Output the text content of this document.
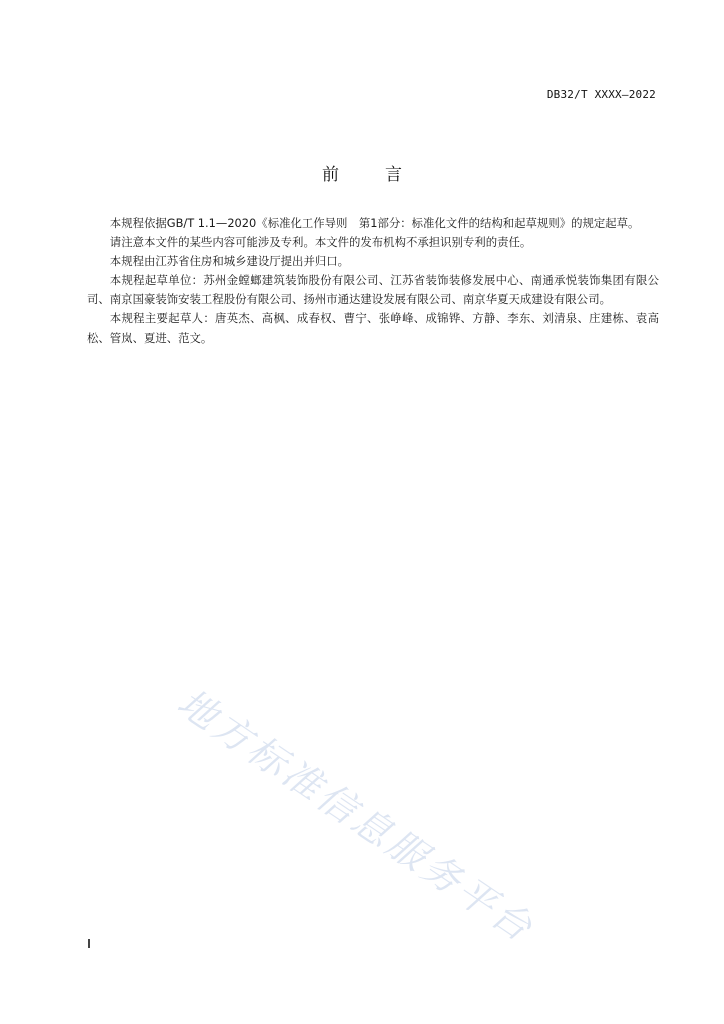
DB32/T XXXX—2022
前	言

本规程依据GB/T 1.1—2020《标准化工作导则　第1部分：标准化文件的结构和起草规则》的规定起草。

请注意本文件的某些内容可能涉及专利。本文件的发布机构不承担识别专利的责任。

本规程由江苏省住房和城乡建设厅提出并归口。

本规程起草单位：苏州金螳螂建筑装饰股份有限公司、江苏省装饰装修发展中心、南通承悦装饰集团有限公司、南京国豪装饰安装工程股份有限公司、扬州市通达建设发展有限公司、南京华夏天成建设有限公司。

本规程主要起草人：唐英杰、高枫、成春权、曹宁、张峥峰、成锦铧、方静、李东、刘清泉、庄建栋、袁高松、管岚、夏进、范文。

地方标准信息服务平台
